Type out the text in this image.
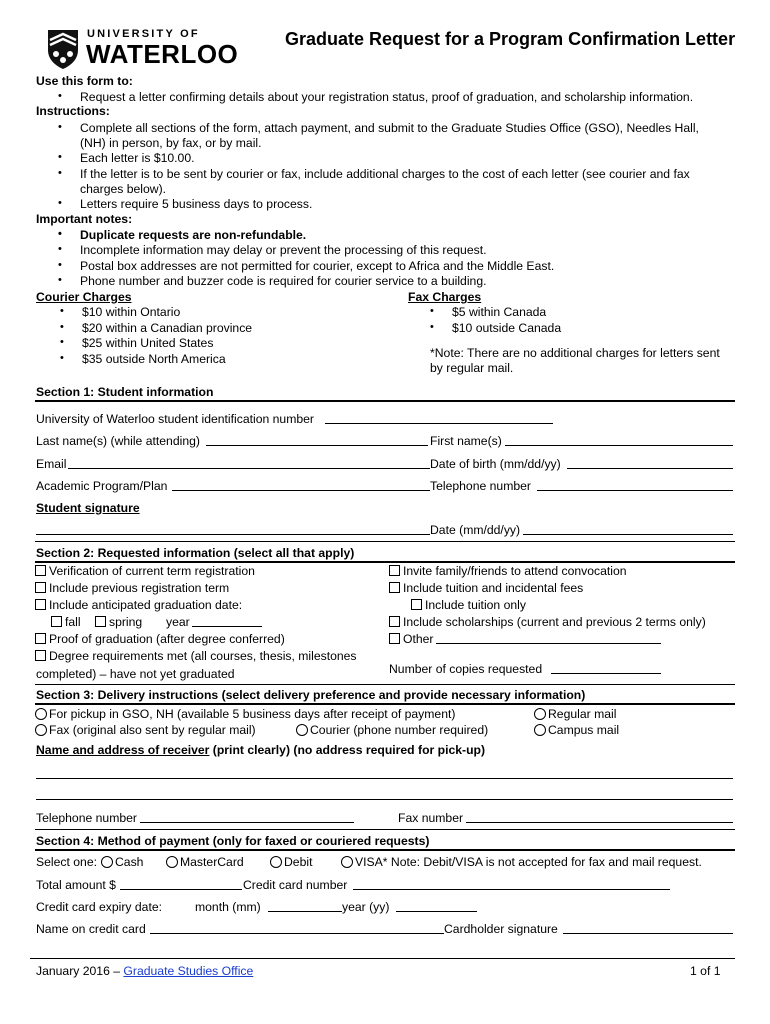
UNIVERSITY OF
WATERLOO	Graduate Request for a Program Confirmation Letter
Use this form to:
• Request a letter confirming details about your registration status, proof of graduation, and scholarship information.
Instructions:
• Complete all sections of the form, attach payment, and submit to the Graduate Studies Office (GSO), Needles Hall,
(NH) in person, by fax, or by mail.
• Each letter is $10.00.
• If the letter is to be sent by courier or fax, include additional charges to the cost of each letter (see courier and fax
charges below).
• Letters require 5 business days to process.
Important notes:
• Duplicate requests are non-refundable.
• Incomplete information may delay or prevent the processing of this request.
• Postal box addresses are not permitted for courier, except to Africa and the Middle East.
• Phone number and buzzer code is required for courier service to a building.
Courier Charges
• $10 within Ontario
• $20 within a Canadian province
• $25 within United States
• $35 outside North America
Fax Charges
• $5 within Canada
• $10 outside Canada
*Note: There are no additional charges for letters sent
by regular mail.
Section 1: Student information
University of Waterloo student identification number
Last name(s) (while attending)	First name(s)
Email	Date of birth (mm/dd/yy)
Academic Program/Plan	Telephone number
Student signature
Date (mm/dd/yy)
Section 2: Requested information (select all that apply)
Verification of current term registration
Include previous registration term
Include anticipated graduation date:
fall	spring year
Proof of graduation (after degree conferred)
Degree requirements met (all courses, thesis, milestones
completed) – have not yet graduated
Invite family/friends to attend convocation
Include tuition and incidental fees
Include tuition only
Include scholarships (current and previous 2 terms only)
Other
Number of copies requested
Section 3: Delivery instructions (select delivery preference and provide necessary information)
For pickup in GSO, NH (available 5 business days after receipt of payment)
Fax (original also sent by regular mail)	Courier (phone number required)
Regular mail
Campus mail
Name and address of receiver (print clearly) (no address required for pick-up)
Telephone number	Fax number
Section 4: Method of payment (only for faxed or couriered requests)
Select one:	Cash	MasterCard	Debit	VISA* Note: Debit/VISA is not accepted for fax and mail request.
Total amount $	Credit card number
Credit card expiry date:	month (mm)	year (yy)
Name on credit card	Cardholder signature
January 2016 – Graduate Studies Office	1 of 1
